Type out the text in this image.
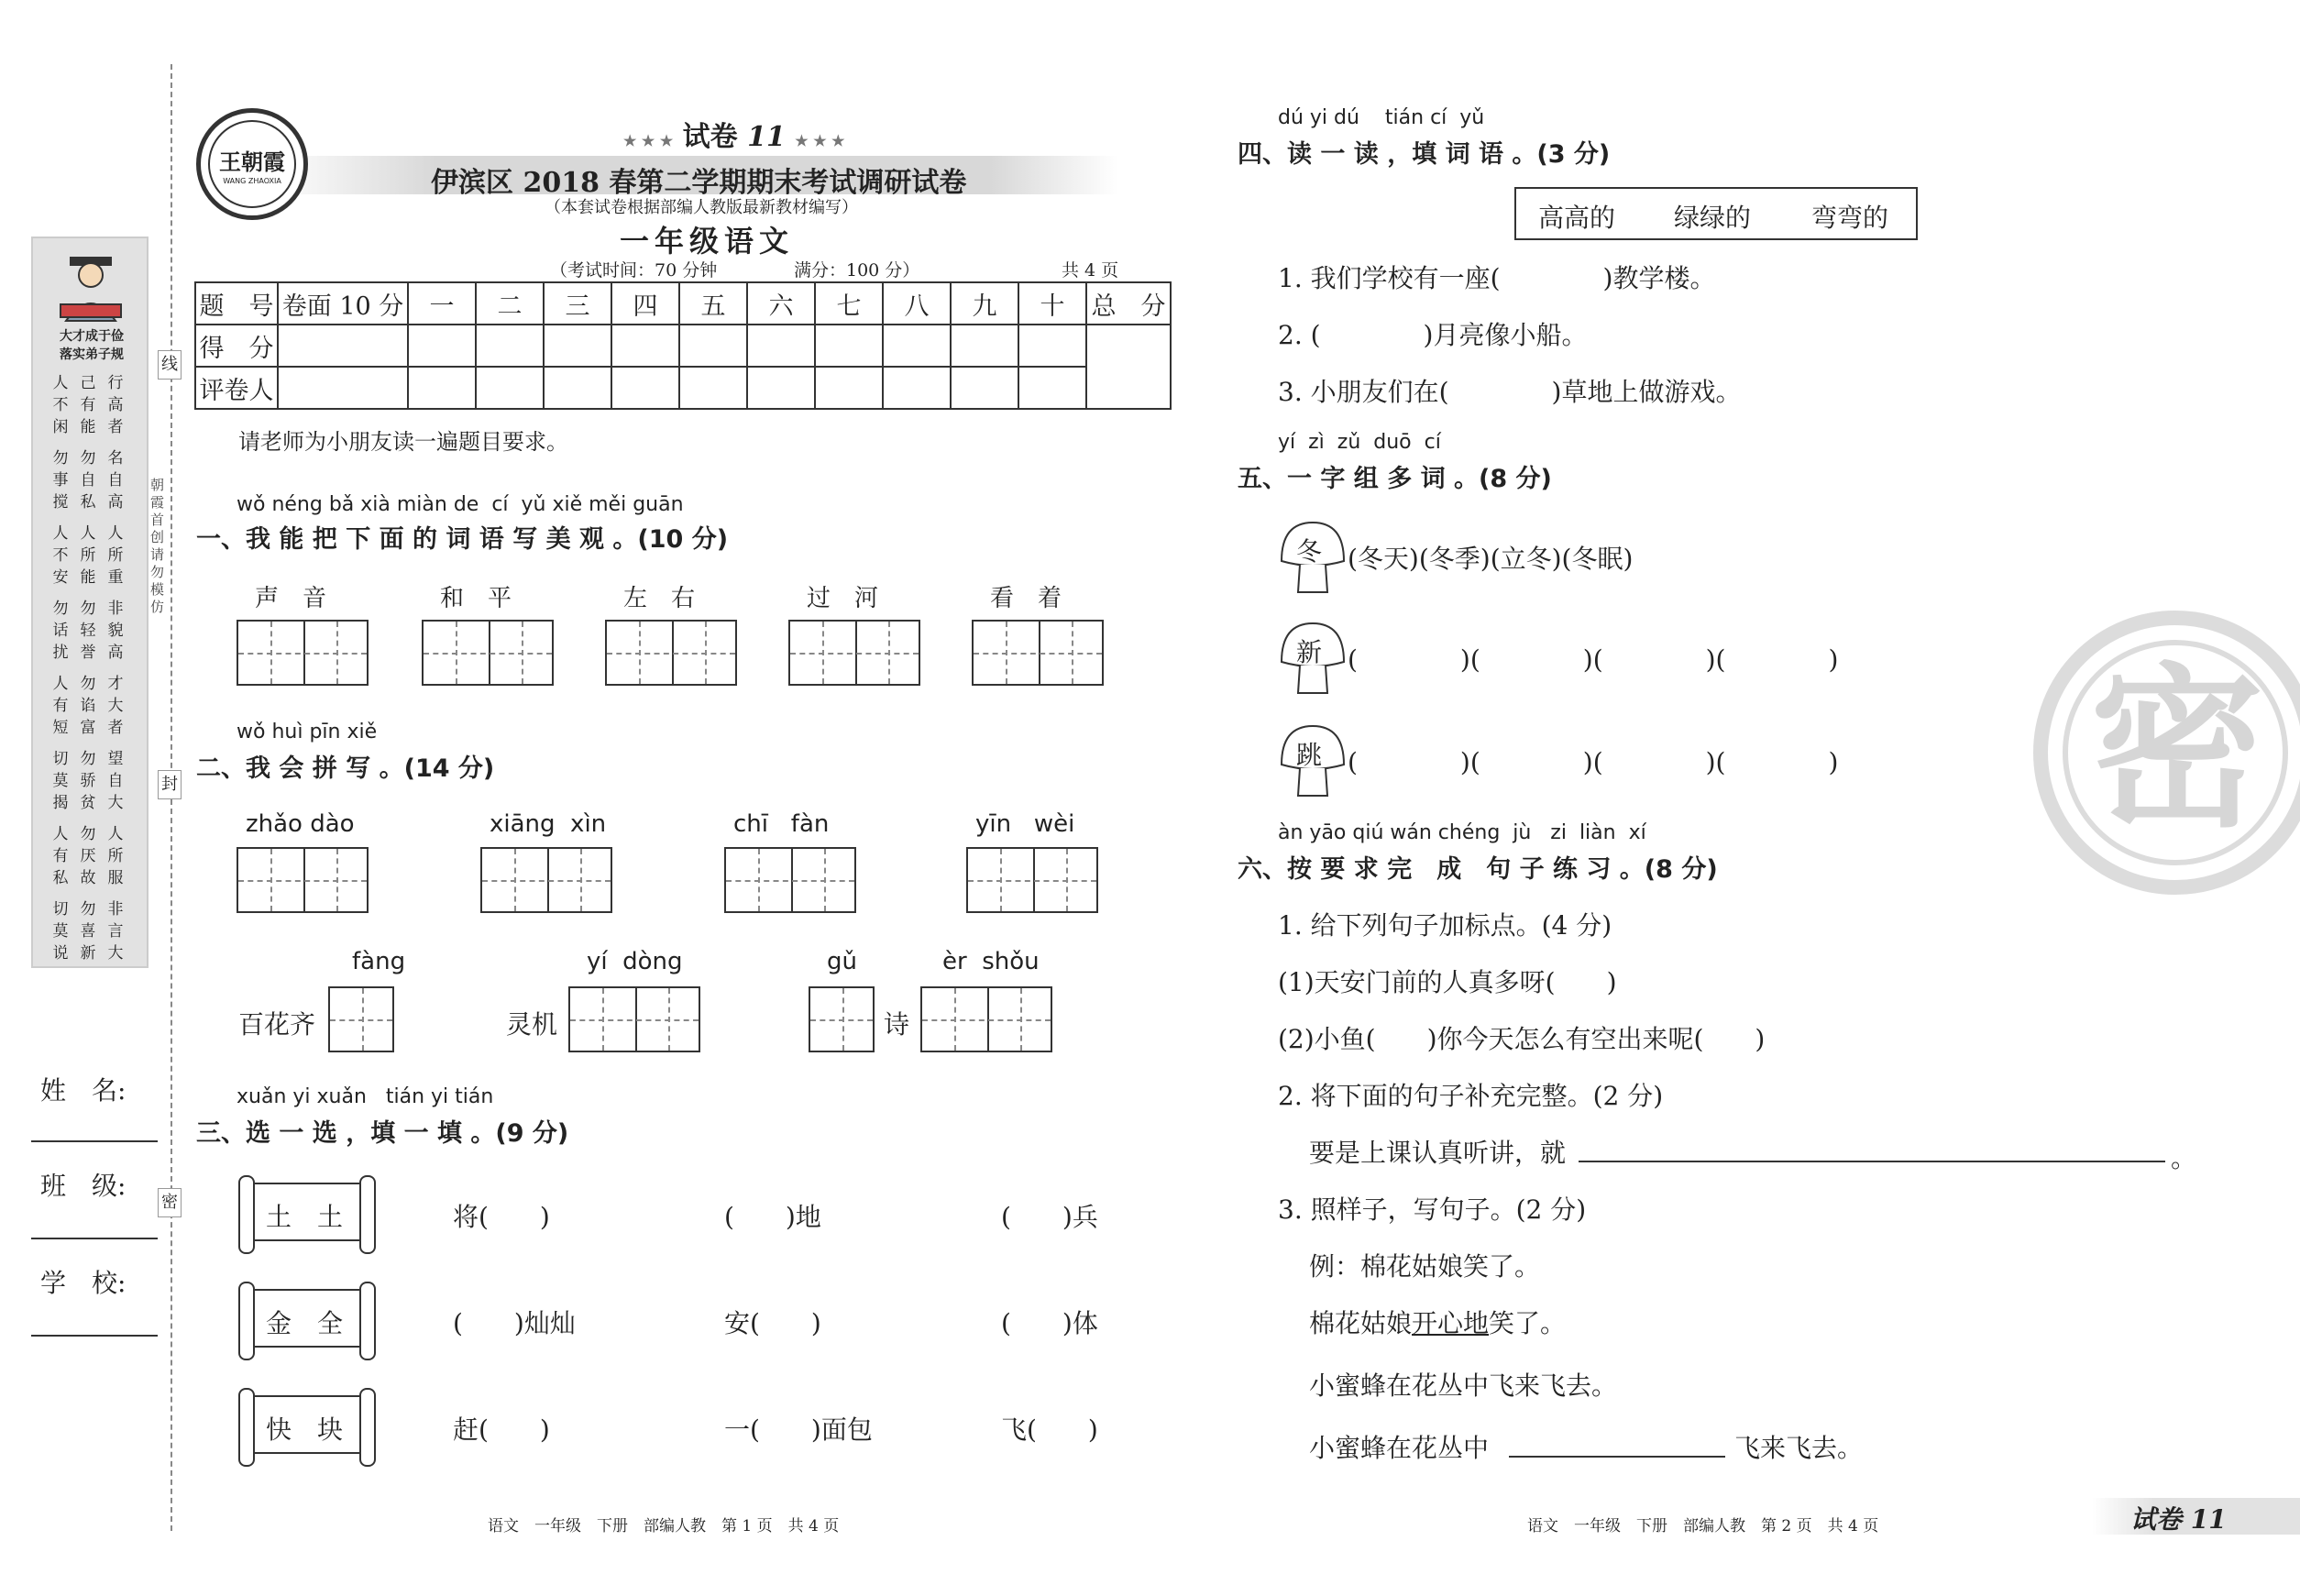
大才成于俭
落实弟子规
人不闲
己有能
行高者
勿事搅
勿自私
名自高
人不安
人所能
人所重
勿话扰
勿轻誉
非貌高
人有短
勿谄富
才大者
切莫揭
勿骄贫
望自大
人有私
勿厌故
人所服
切莫说
勿喜新
非言大
线
封
密
朝霞首创 请勿模仿
姓　名:
班　级:
学　校:
王朝霞
WANG ZHAOXIA
★ ★ ★ 试卷 11 ★ ★ ★
伊滨区 2018 春第二学期期末考试调研试卷
（本套试卷根据部编人教版最新教材编写）
一年级语文
（考试时间：70 分钟	满分：100 分）	共 4 页
题　号	卷面 10 分	一	二	三	四	五	六	七	八	九	十	总　分
得　分												
评卷人												
请老师为小朋友读一遍题目要求。
wǒ néng bǎ xià miàn de  cí  yǔ xiě měi guān
一、我 能 把 下 面 的 词 语 写 美 观 。(10 分)
wǒ huì pīn xiě
二、我 会 拼 写 。(14 分)
xuǎn yi xuǎn   tián yi tián
三、选 一 选 ，填 一 填 。(9 分)
语文　一年级　下册　部编人教　第 1 页　共 4 页
dú yi dú    tián cí  yǔ
四、读 一 读 ，填 词 语 。(3 分)
高高的 绿绿的 弯弯的
1. 我们学校有一座(　　　　)教学楼。
2. (　　　　)月亮像小船。
3. 小朋友们在(　　　　)草地上做游戏。
yí  zì  zǔ  duō  cí
五、一 字 组 多 词 。(8 分)
àn yāo qiú wán chéng  jù   zi  liàn  xí
六、按 要 求 完　成　句 子 练 习 。(8 分)
1. 给下列句子加标点。(4 分)
(1)天安门前的人真多呀(　　)
(2)小鱼(　　)你今天怎么有空出来呢(　　)
2. 将下面的句子补充完整。(2 分)
要是上课认真听讲，就	。
3. 照样子，写句子。(2 分)
例：棉花姑娘笑了。
棉花姑娘开心地笑了。
小蜜蜂在花丛中飞来飞去。
小蜜蜂在花丛中	飞来飞去。
语文　一年级　下册　部编人教　第 2 页　共 4 页	试卷 11
密
声　音	和　平	左　右	过　河	看　着
zhǎo dào	xiāng  xìn	chī   fàn	yīn   wèi
fàng	yí  dòng	gǔ	èr  shǒu
百花齐	灵机	诗
土　土	将(　　)	(　　)地	(　　)兵
金　全	(　　)灿灿	安(　　)	(　　)体
快　块	赶(　　)	一(　　)面包	飞(　　)
冬 (冬天)(冬季)(立冬)(冬眠)
新 (　　　　)(　　　　)(　　　　)(　　　　)
跳 (　　　　)(　　　　)(　　　　)(　　　　)
